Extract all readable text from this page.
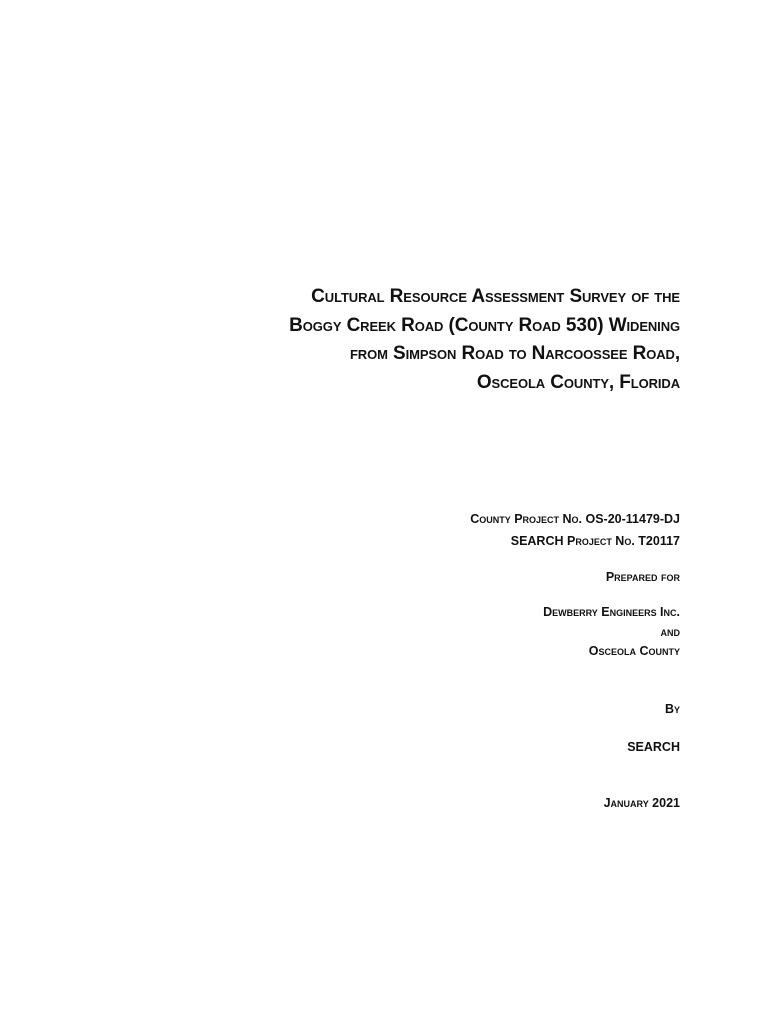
Cultural Resource Assessment Survey of the
Boggy Creek Road (County Road 530) Widening
from Simpson Road to Narcoossee Road,
Osceola County, Florida
County Project No. OS-20-11479-DJ
SEARCH Project No. T20117
Prepared for
Dewberry Engineers Inc.
and
Osceola County
By
SEARCH
January 2021
